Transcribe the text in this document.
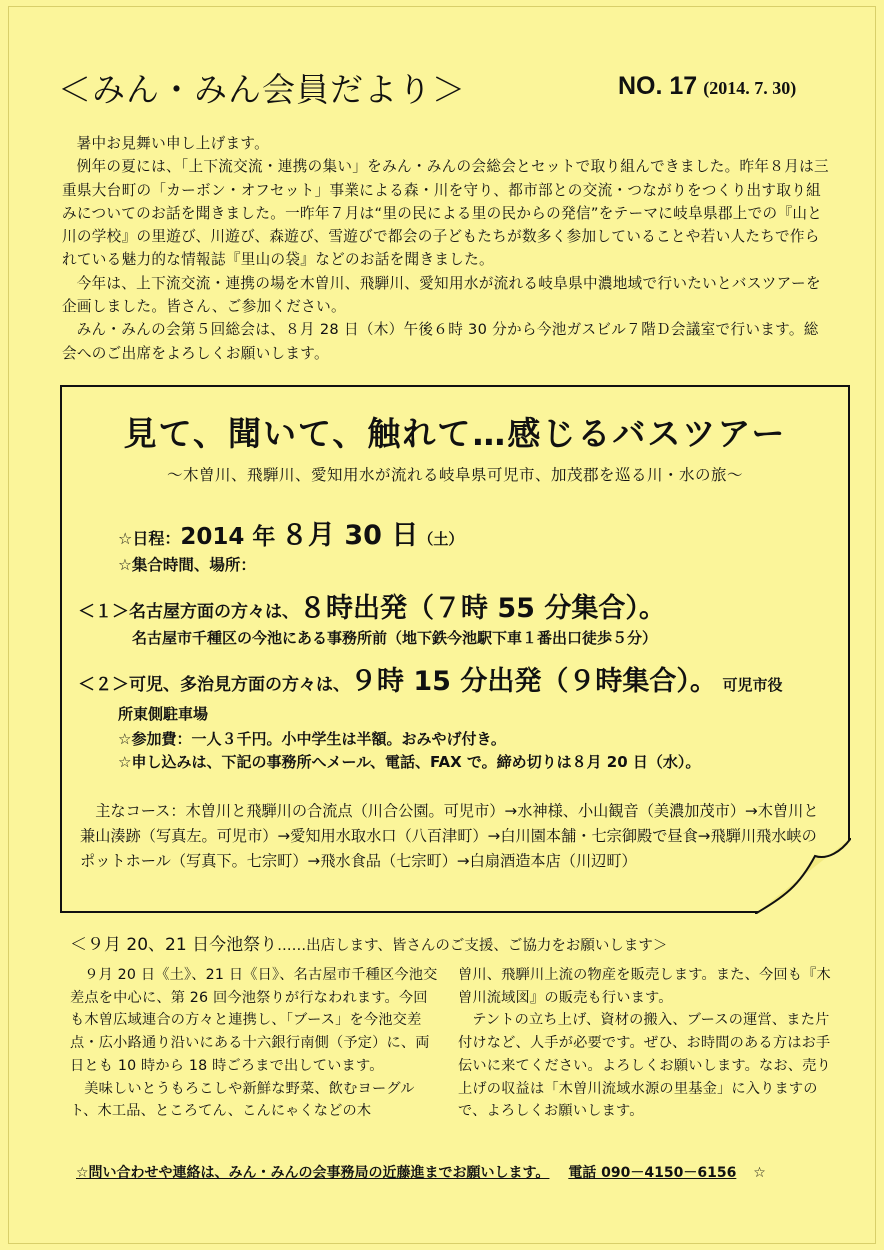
＜みん・みん会員だより＞	NO. 17 (2014. 7. 30)

暑中お見舞い申し上げます。

例年の夏には、「上下流交流・連携の集い」をみん・みんの会総会とセットで取り組んできました。昨年８月は三重県大台町の「カーボン・オフセット」事業による森・川を守り、都市部との交流・つながりをつくり出す取り組みについてのお話を聞きました。一昨年７月は“里の民による里の民からの発信”をテーマに岐阜県郡上での『山と川の学校』の里遊び、川遊び、森遊び、雪遊びで都会の子どもたちが数多く参加していることや若い人たちで作られている魅力的な情報誌『里山の袋』などのお話を聞きました。

今年は、上下流交流・連携の場を木曽川、飛騨川、愛知用水が流れる岐阜県中濃地域で行いたいとバスツアーを企画しました。皆さん、ご参加ください。

みん・みんの会第５回総会は、８月 28 日（木）午後６時 30 分から今池ガスビル７階Ｄ会議室で行います。総会へのご出席をよろしくお願いします。

見て、聞いて、触れて…感じるバスツアー
～木曽川、飛騨川、愛知用水が流れる岐阜県可児市、加茂郡を巡る川・水の旅～
☆日程：2014 年 ８月 30 日（土）
☆集合時間、場所：
＜１＞名古屋方面の方々は、８時出発（７時 55 分集合）。
名古屋市千種区の今池にある事務所前（地下鉄今池駅下車１番出口徒歩５分）
＜２＞可児、多治見方面の方々は、９時 15 分出発（９時集合）。 可児市役
所東側駐車場
☆参加費：一人３千円。小中学生は半額。おみやげ付き。
☆申し込みは、下記の事務所へメール、電話、FAX で。締め切りは８月 20 日（水）。

主なコース：木曽川と飛騨川の合流点（川合公園。可児市）→水神様、小山観音（美濃加茂市）→木曽川と兼山湊跡（写真左。可児市）→愛知用水取水口（八百津町）→白川園本舗・七宗御殿で昼食→飛騨川飛水峡のポットホール（写真下。七宗町）→飛水食品（七宗町）→白扇酒造本店（川辺町）

＜９月 20、21 日今池祭り……出店します、皆さんのご支援、ご協力をお願いします＞

９月 20 日《土》、21 日《日》、名古屋市千種区今池交差点を中心に、第 26 回今池祭りが行なわれます。今回も木曽広域連合の方々と連携し、「ブース」を今池交差点・広小路通り沿いにある十六銀行南側（予定）に、両日とも 10 時から 18 時ごろまで出しています。

美味しいとうもろこしや新鮮な野菜、飲むヨーグルト、木工品、ところてん、こんにゃくなどの木

曽川、飛騨川上流の物産を販売します。また、今回も『木曽川流域図』の販売も行います。

テントの立ち上げ、資材の搬入、ブースの運営、また片付けなど、人手が必要です。ぜひ、お時間のある方はお手伝いに来てください。よろしくお願いします。なお、売り上げの収益は「木曽川流域水源の里基金」に入りますので、よろしくお願いします。

☆問い合わせや連絡は、みん・みんの会事務局の近藤進までお願いします。 電話 090－4150－6156 ☆
